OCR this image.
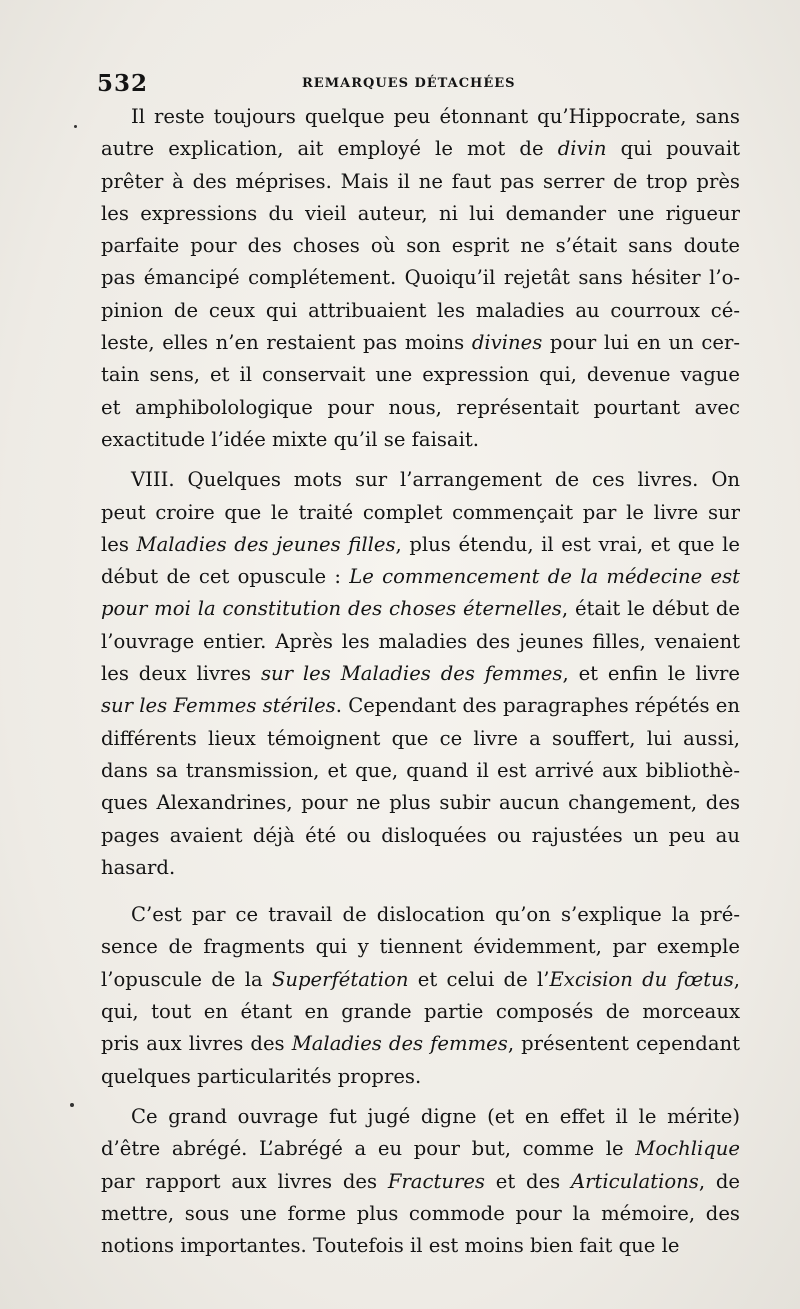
532	REMARQUES DÉTACHÉES
Il reste toujours quelque peu étonnant qu’Hippocrate, sans
autre explication, ait employé le mot de divin qui pouvait
prêter à des méprises. Mais il ne faut pas serrer de trop près
les expressions du vieil auteur, ni lui demander une rigueur
parfaite pour des choses où son esprit ne s’était sans doute
pas émancipé complétement. Quoiqu’il rejetât sans hésiter l’o-
pinion de ceux qui attribuaient les maladies au courroux cé-
leste, elles n’en restaient pas moins divines pour lui en un cer-
tain sens, et il conservait une expression qui, devenue vague
et amphibolologique pour nous, représentait pourtant avec
exactitude l’idée mixte qu’il se faisait.
VIII. Quelques mots sur l’arrangement de ces livres. On
peut croire que le traité complet commençait par le livre sur
les Maladies des jeunes filles, plus étendu, il est vrai, et que le
début de cet opuscule : Le commencement de la médecine est
pour moi la constitution des choses éternelles, était le début de
l’ouvrage entier. Après les maladies des jeunes filles, venaient
les deux livres sur les Maladies des femmes, et enfin le livre
sur les Femmes stériles. Cependant des paragraphes répétés en
différents lieux témoignent que ce livre a souffert, lui aussi,
dans sa transmission, et que, quand il est arrivé aux bibliothè-
ques Alexandrines, pour ne plus subir aucun changement, des
pages avaient déjà été ou disloquées ou rajustées un peu au
hasard.
C’est par ce travail de dislocation qu’on s’explique la pré-
sence de fragments qui y tiennent évidemment, par exemple
l’opuscule de la Superfétation et celui de l’Excision du fœtus,
qui, tout en étant en grande partie composés de morceaux
pris aux livres des Maladies des femmes, présentent cependant
quelques particularités propres.
Ce grand ouvrage fut jugé digne (et en effet il le mérite)
d’être abrégé. L’abrégé a eu pour but, comme le Mochlique
par rapport aux livres des Fractures et des Articulations, de
mettre, sous une forme plus commode pour la mémoire, des
notions importantes. Toutefois il est moins bien fait que le
